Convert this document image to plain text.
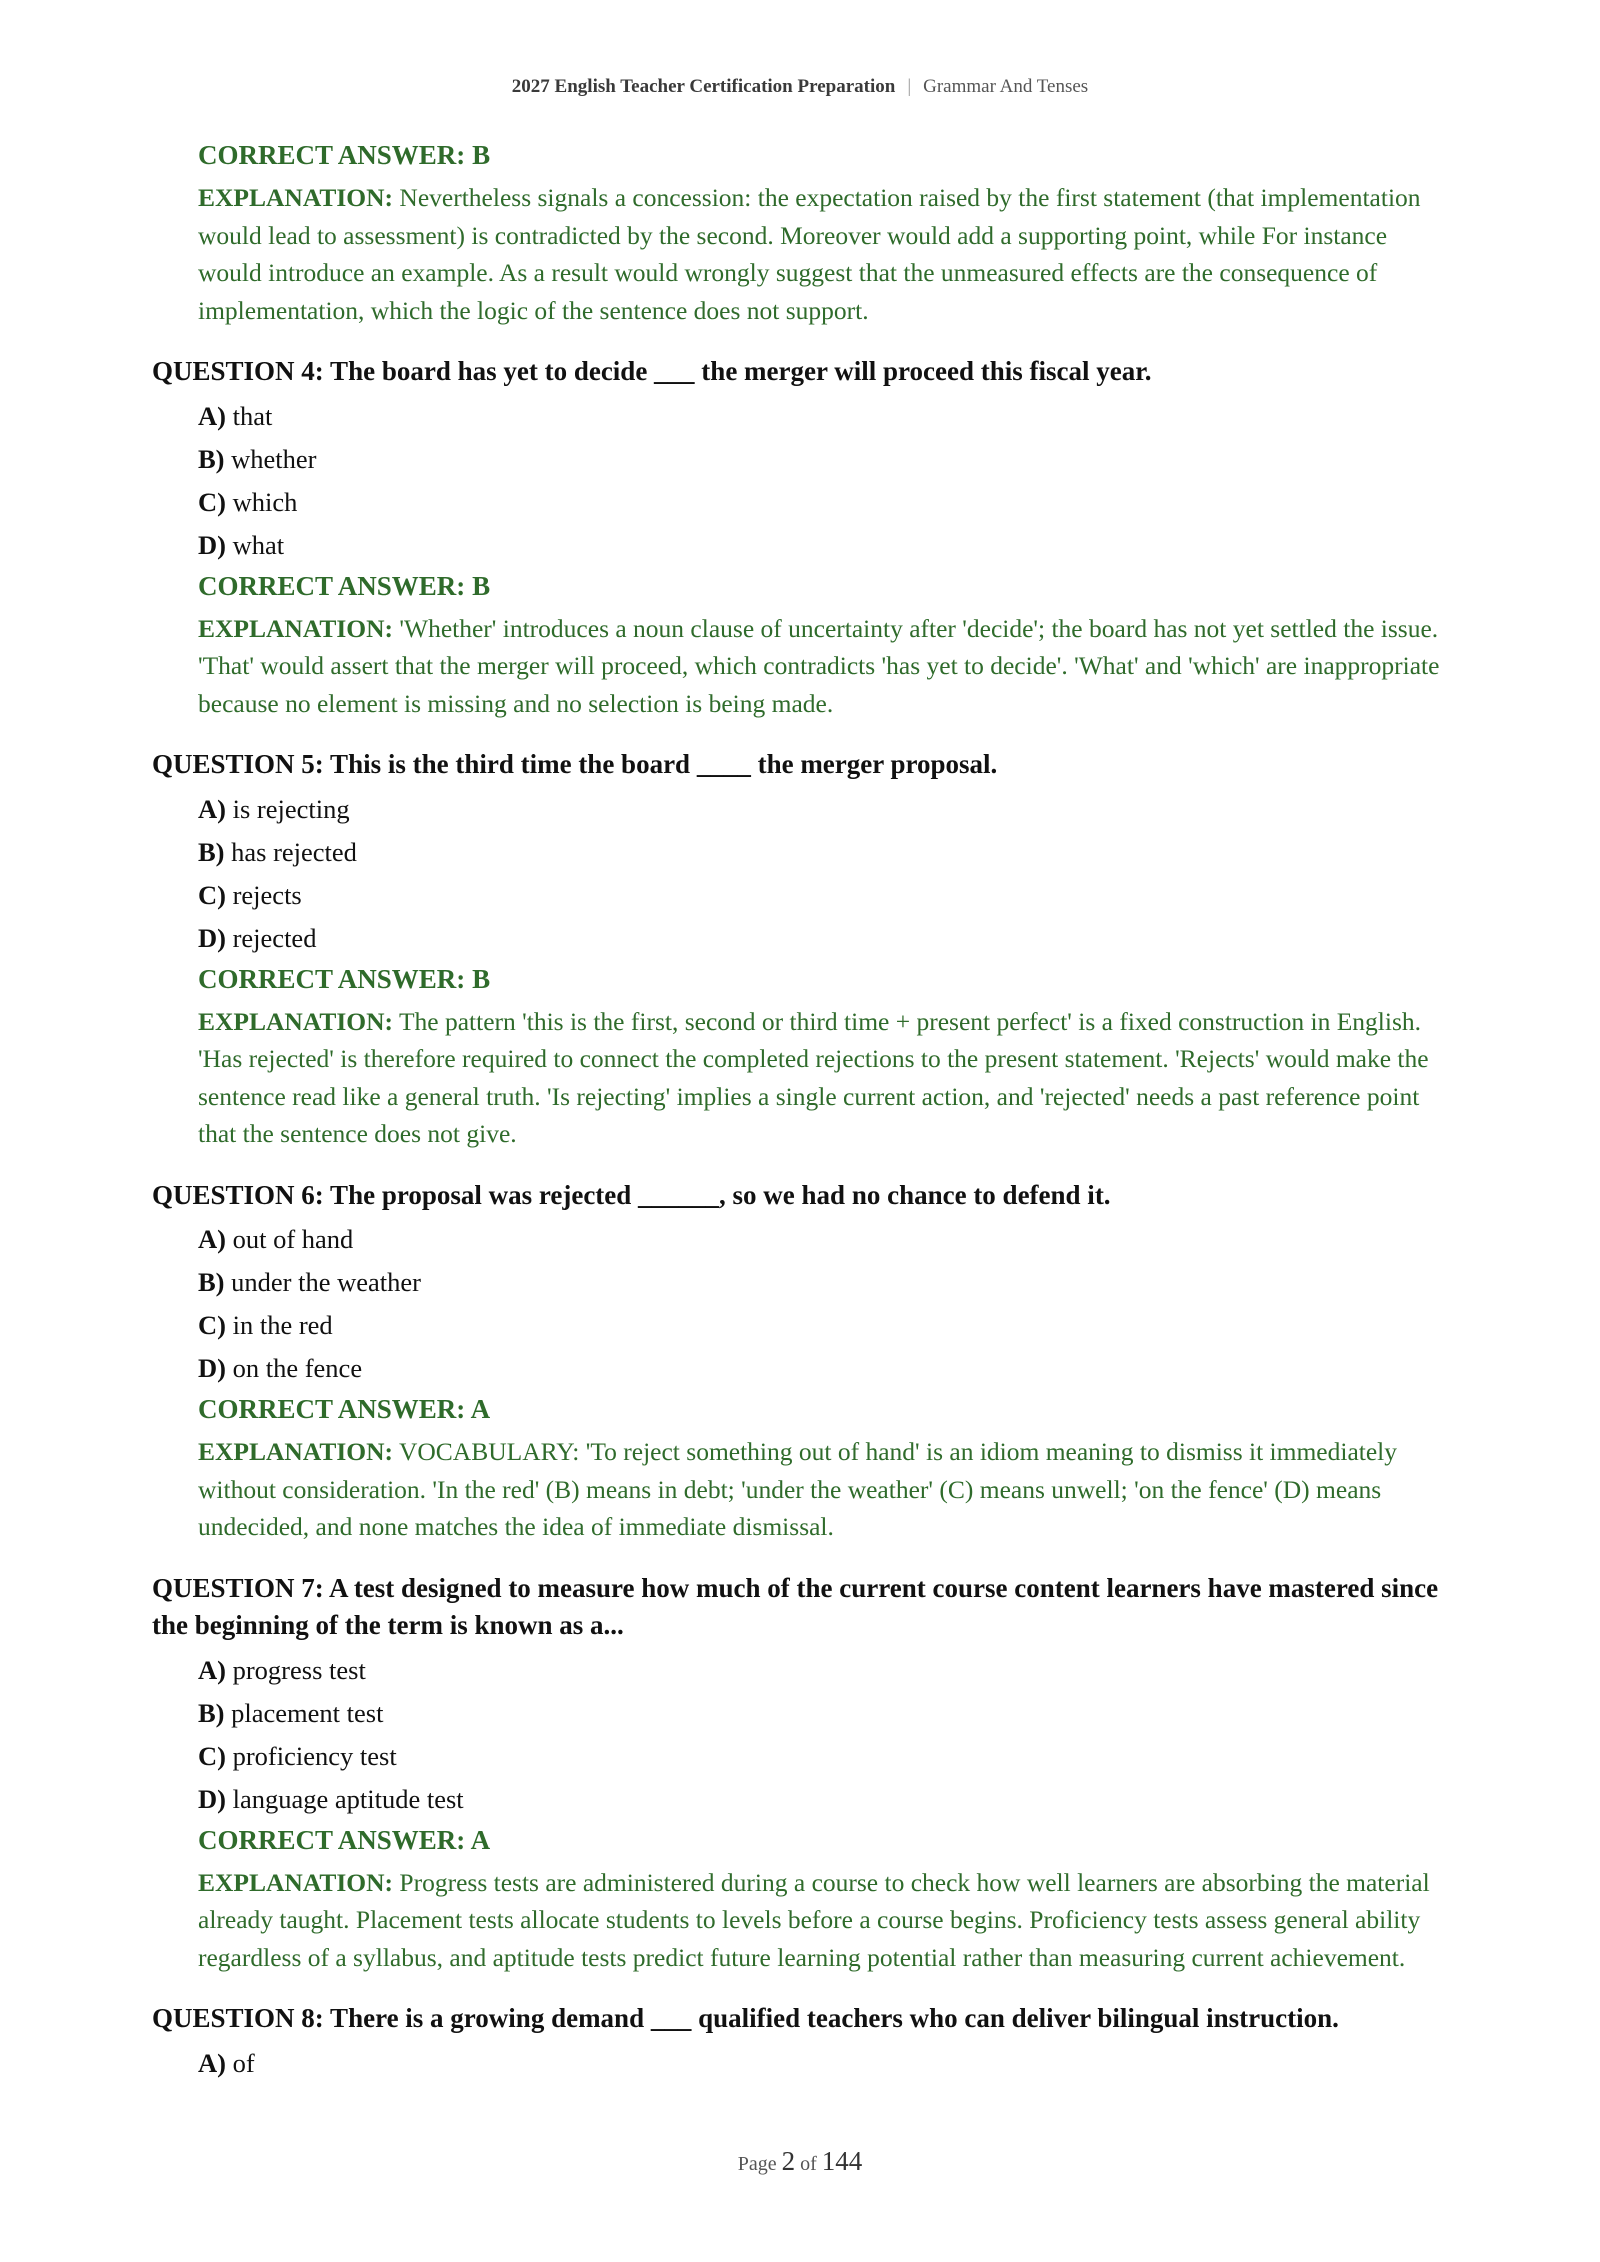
2027 English Teacher Certification Preparation | Grammar And Tenses

CORRECT ANSWER: B

EXPLANATION: Nevertheless signals a concession: the expectation raised by the first statement (that implementation would lead to assessment) is contradicted by the second. Moreover would add a supporting point, while For instance would introduce an example. As a result would wrongly suggest that the unmeasured effects are the consequence of implementation, which the logic of the sentence does not support.

QUESTION 4: The board has yet to decide ___ the merger will proceed this fiscal year.

A) that
B) whether
C) which
D) what

CORRECT ANSWER: B

EXPLANATION: 'Whether' introduces a noun clause of uncertainty after 'decide'; the board has not yet settled the issue. 'That' would assert that the merger will proceed, which contradicts 'has yet to decide'. 'What' and 'which' are inappropriate because no element is missing and no selection is being made.

QUESTION 5: This is the third time the board ____ the merger proposal.

A) is rejecting
B) has rejected
C) rejects
D) rejected

CORRECT ANSWER: B

EXPLANATION: The pattern 'this is the first, second or third time + present perfect' is a fixed construction in English. 'Has rejected' is therefore required to connect the completed rejections to the present statement. 'Rejects' would make the sentence read like a general truth. 'Is rejecting' implies a single current action, and 'rejected' needs a past reference point that the sentence does not give.

QUESTION 6: The proposal was rejected ______, so we had no chance to defend it.

A) out of hand
B) under the weather
C) in the red
D) on the fence

CORRECT ANSWER: A

EXPLANATION: VOCABULARY: 'To reject something out of hand' is an idiom meaning to dismiss it immediately without consideration. 'In the red' (B) means in debt; 'under the weather' (C) means unwell; 'on the fence' (D) means undecided, and none matches the idea of immediate dismissal.

QUESTION 7: A test designed to measure how much of the current course content learners have mastered since the beginning of the term is known as a...

A) progress test
B) placement test
C) proficiency test
D) language aptitude test

CORRECT ANSWER: A

EXPLANATION: Progress tests are administered during a course to check how well learners are absorbing the material already taught. Placement tests allocate students to levels before a course begins. Proficiency tests assess general ability regardless of a syllabus, and aptitude tests predict future learning potential rather than measuring current achievement.

QUESTION 8: There is a growing demand ___ qualified teachers who can deliver bilingual instruction.

A) of
Page 2 of 144
